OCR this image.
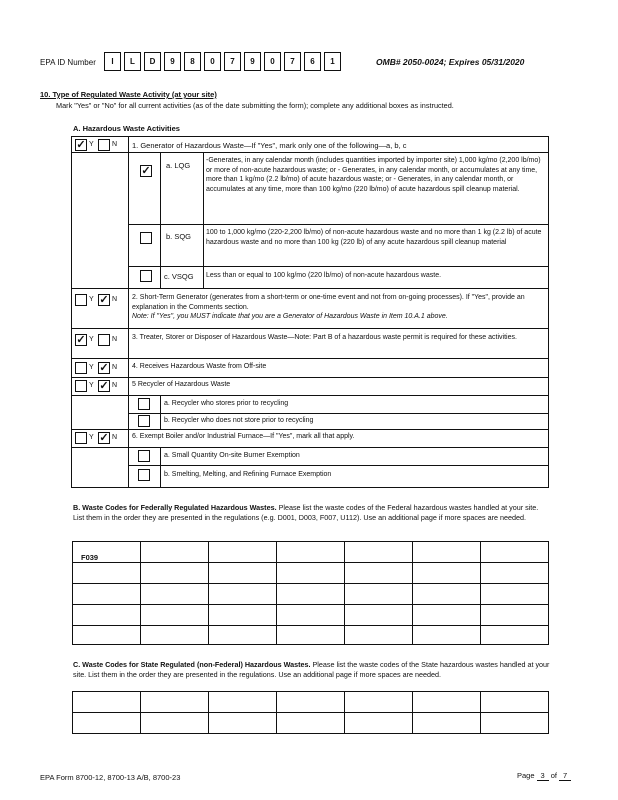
EPA ID Number	I	L	D	9	8	0	7	9	0	7	6	1	OMB# 2050-0024; Expires 05/31/2020
10. Type of Regulated Waste Activity (at your site)
Mark "Yes" or "No" for all current activities (as of the date submitting the form); complete any additional boxes as instructed.
A. Hazardous Waste Activities
✓ Y	N 1. Generator of Hazardous Waste—If "Yes", mark only one of the following—a, b, c
✓ a. LQG
-Generates, in any calendar month (includes quantities imported by importer site) 1,000 kg/mo (2,200 lb/mo) or more of non-acute hazardous waste; or - Generates, in any calendar month, or accumulates at any time, more than 1 kg/mo (2.2 lb/mo) of acute hazardous waste; or - Generates, in any calendar month, or accumulates at any time, more than 100 kg/mo (220 lb/mo) of acute hazardous spill cleanup material.
b. SQG 100 to 1,000 kg/mo (220-2,200 lb/mo) of non-acute hazardous waste and no more than 1 kg (2.2 lb) of acute hazardous waste and no more than 100 kg (220 lb) of any acute hazardous spill cleanup material
c. VSQG Less than or equal to 100 kg/mo (220 lb/mo) of non-acute hazardous waste.
Y ✓ N 2. Short-Term Generator (generates from a short-term or one-time event and not from on-going processes). If "Yes", provide an explanation in the Comments section.
Note: If "Yes", you MUST indicate that you are a Generator of Hazardous Waste in Item 10.A.1 above.
✓ Y	N 3. Treater, Storer or Disposer of Hazardous Waste—Note: Part B of a hazardous waste permit is required for these activities.
Y ✓ N 4. Receives Hazardous Waste from Off-site
Y ✓ N 5 Recycler of Hazardous Waste
a. Recycler who stores prior to recycling
b. Recycler who does not store prior to recycling
Y ✓ N 6. Exempt Boiler and/or Industrial Furnace—If "Yes", mark all that apply.
a. Small Quantity On-site Burner Exemption
b. Smelting, Melting, and Refining Furnace Exemption
B. Waste Codes for Federally Regulated Hazardous Wastes. Please list the waste codes of the Federal hazardous wastes handled at your site. List them in the order they are presented in the regulations (e.g. D001, D003, F007, U112). Use an additional page if more spaces are needed.
F039						

C. Waste Codes for State Regulated (non-Federal) Hazardous Wastes. Please list the waste codes of the State hazardous wastes handled at your site. List them in the order they are presented in the regulations. Use an additional page if more spaces are needed.

EPA Form 8700-12, 8700-13 A/B, 8700-23	Page 3 of 7
